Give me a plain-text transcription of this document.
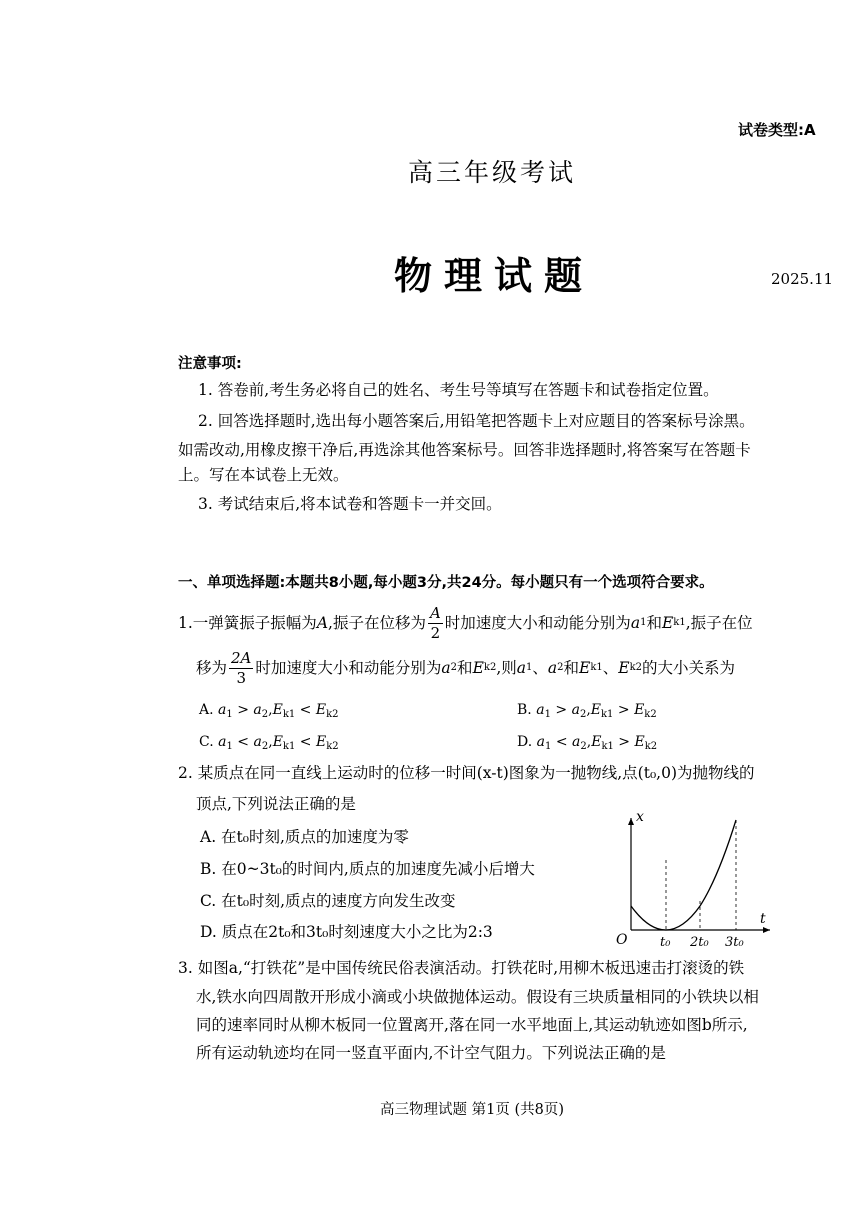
试卷类型:A
高三年级考试
物理试题	2025.11
注意事项:
1. 答卷前,考生务必将自己的姓名、考生号等填写在答题卡和试卷指定位置。
2. 回答选择题时,选出每小题答案后,用铅笔把答题卡上对应题目的答案标号涂黑。
如需改动,用橡皮擦干净后,再选涂其他答案标号。回答非选择题时,将答案写在答题卡
上。写在本试卷上无效。
3. 考试结束后,将本试卷和答题卡一并交回。
一、单项选择题:本题共8小题,每小题3分,共24分。每小题只有一个选项符合要求。
1. 一弹簧振子振幅为 A ,振子在位移为 $\frac{A}{2}$ 时加速度大小和动能分别为 a 1 和 E k1 ,振子在位
移为 $\frac{2A}{3}$ 时加速度大小和动能分别为 a 2 和 E k2 ,则 a 1 、 a 2 和 E k1 、 E k2 的大小关系为
A. $a_1 > a_2,E_{k1} < E_{k2}$	B. $a_1 > a_2,E_{k1} > E_{k2}$
C. $a_1 < a_2,E_{k1} < E_{k2}$	D. $a_1 < a_2,E_{k1} > E_{k2}$
2. 某质点在同一直线上运动时的位移一时间(x-t)图象为一抛物线,点(t₀,0)为抛物线的
顶点,下列说法正确的是
A. 在t₀时刻,质点的加速度为零
B. 在0~3t₀的时间内,质点的加速度先减小后增大
C. 在t₀时刻,质点的速度方向发生改变
D. 质点在2t₀和3t₀时刻速度大小之比为2:3
x
t
O	t₀ 2t₀ 3t₀
3. 如图a,“打铁花”是中国传统民俗表演活动。打铁花时,用柳木板迅速击打滚烫的铁
水,铁水向四周散开形成小滴或小块做抛体运动。假设有三块质量相同的小铁块以相
同的速率同时从柳木板同一位置离开,落在同一水平地面上,其运动轨迹如图b所示,
所有运动轨迹均在同一竖直平面内,不计空气阻力。下列说法正确的是
高三物理试题 第1页 (共8页)
